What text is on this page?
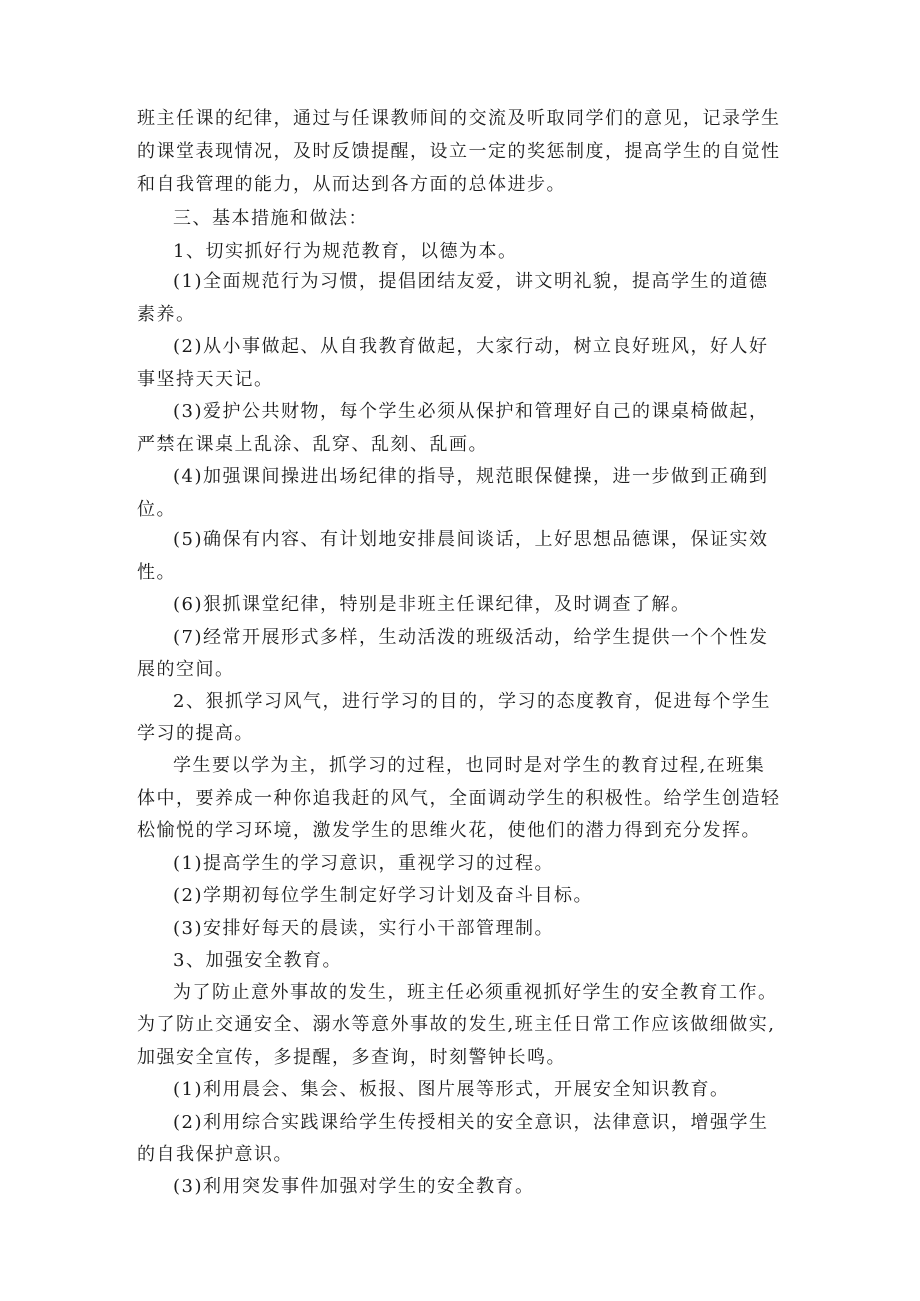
班主任课的纪律，通过与任课教师间的交流及听取同学们的意见，记录学生
的课堂表现情况，及时反馈提醒，设立一定的奖惩制度，提高学生的自觉性
和自我管理的能力，从而达到各方面的总体进步。
三、基本措施和做法：
1、切实抓好行为规范教育，以德为本。
(1)全面规范行为习惯，提倡团结友爱，讲文明礼貌，提高学生的道德
素养。
(2)从小事做起、从自我教育做起，大家行动，树立良好班风，好人好
事坚持天天记。
(3)爱护公共财物，每个学生必须从保护和管理好自己的课桌椅做起，
严禁在课桌上乱涂、乱穿、乱刻、乱画。
(4)加强课间操进出场纪律的指导，规范眼保健操，进一步做到正确到
位。
(5)确保有内容、有计划地安排晨间谈话，上好思想品德课，保证实效
性。
(6)狠抓课堂纪律，特别是非班主任课纪律，及时调查了解。
(7)经常开展形式多样，生动活泼的班级活动，给学生提供一个个性发
展的空间。
2、狠抓学习风气，进行学习的目的，学习的态度教育，促进每个学生
学习的提高。
学生要以学为主，抓学习的过程，也同时是对学生的教育过程,在班集
体中，要养成一种你追我赶的风气，全面调动学生的积极性。给学生创造轻
松愉悦的学习环境，激发学生的思维火花，使他们的潜力得到充分发挥。
(1)提高学生的学习意识，重视学习的过程。
(2)学期初每位学生制定好学习计划及奋斗目标。
(3)安排好每天的晨读，实行小干部管理制。
3、加强安全教育。
为了防止意外事故的发生，班主任必须重视抓好学生的安全教育工作。
为了防止交通安全、溺水等意外事故的发生,班主任日常工作应该做细做实,
加强安全宣传，多提醒，多查询，时刻警钟长鸣。
(1)利用晨会、集会、板报、图片展等形式，开展安全知识教育。
(2)利用综合实践课给学生传授相关的安全意识，法律意识，增强学生
的自我保护意识。
(3)利用突发事件加强对学生的安全教育。
